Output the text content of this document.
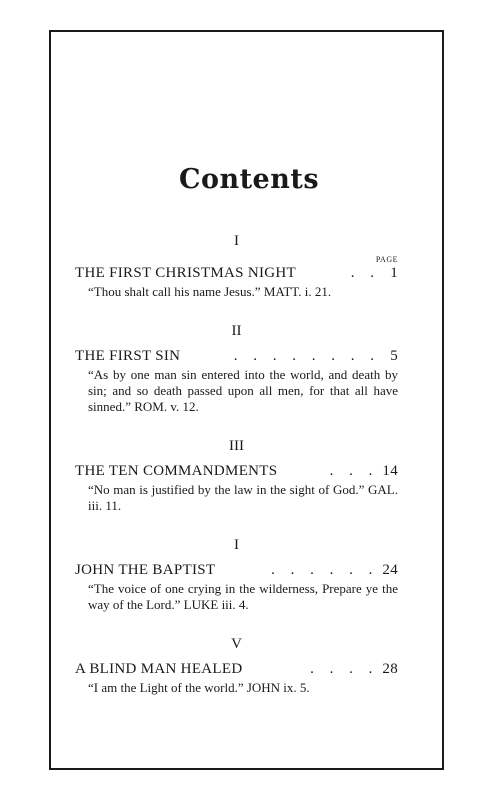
Contents
I
PAGE
THE FIRST CHRISTMAS NIGHT	. . 1
“Thou shalt call his name Jesus.” MATT. i. 21.
II
THE FIRST SIN	. . . . . . . . 5
“As by one man sin entered into the world, and death by sin; and so death passed upon all men, for that all have sinned.” ROM. v. 12.
III
THE TEN COMMANDMENTS	. . . 14
“No man is justified by the law in the sight of God.” GAL. iii. 11.
I
JOHN THE BAPTIST	. . . . . . 24
“The voice of one crying in the wilderness, Prepare ye the way of the Lord.” LUKE iii. 4.
V
A BLIND MAN HEALED	. . . . 28
“I am the Light of the world.” JOHN ix. 5.
